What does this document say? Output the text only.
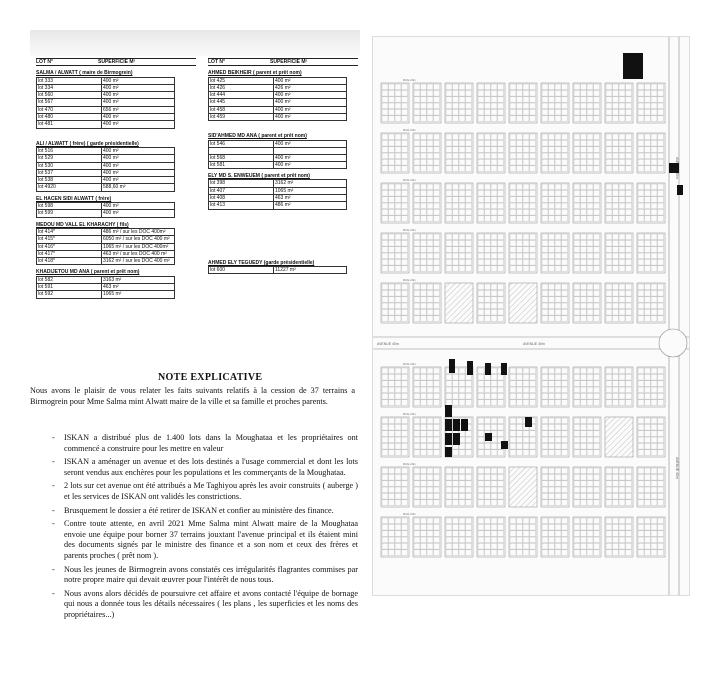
LOT N°	SUPERFICIE M²
SALMA / ALWATT ( maire de Birmogrein)
lot 333	400 m²
lot 334	400 m²
lot 560	400 m²
lot 567	400 m²
lot 470	656 m²
lot 480	400 m²
lot 481	400 m²
ALI / ALWATT ( frère) ( garde présidentielle)
lot 516	400 m²
lot 529	400 m²
lot 530	400 m²
lot 537	400 m²
lot 538	400 m²
lot 4920	588,60 m²
EL HACEN SIDI ALWATT ( frère)
lot 598	400 m²
lot 599	400 m²
MEDOU MD VALL EL KHARACHY ( fils)
lot 414*	486 m² / sur les DOC 400m²
lot 415*	6050 m² / sur les DOC 400 m²
lot 416*	1065 m² / sur les DOC 400m²
lot 417*	463 m² / sur les DOC 400 m²
lot 418*	3162 m² / sur les DOC 400 m²
KHADIJETOU MD ANA ( parent et prêt nom)
lot 582	3163 m²
lot 591	463 m²
lot 592	1065 m²
LOT N°	SUPERFICIE M²
AHMED BEIKHEIR ( parent et prêt nom)
lot 425	400 m²
lot 426	426 m²
lot 444	400 m²
lot 445	400 m²
lot 458	400 m²
lot 459	400 m²
SID'AHMED MD ANA ( parent et prêt nom)
lot 546	400 m²

lot 568	400 m²
lot 581	400 m²
ELY MD S. ENWEUEM ( parent et prêt nom)
lot 398	3162 m²
lot 407	1065 m²
lot 408	463 m²
lot 413	486 m²
AHMED ELY TEGUEDY (garde présidentielle)
lot 600	11227 m²
NOTE EXPLICATIVE
Nous avons le plaisir de vous relater les faits suivants relatifs à la cession de 37 terrains a Birmogrein pour Mme Salma mint Alwatt maire de la ville et sa famille et proches parents.
- ISKAN a distribué plus de 1.400 lots dans la Moughataa et les propriétaires ont commencé a construire pour les mettre en valeur
- ISKAN a aménager un avenue et des lots destinés a l'usage commercial et dont les lots seront vendus aux enchères pour les populations et les commerçants de la Moughataa.
- 2 lots sur cet avenue ont été attribués a Me Taghiyou après les avoir construits ( auberge ) et les services de ISKAN ont validés les constrictions.
- Brusquement le dossier a été retirer de ISKAN et confier au ministère des finance.
- Contre toute attente, en avril 2021 Mme Salma mint Alwatt maire de la Moughataa envoie une équipe pour borner 37 terrains jouxtant l'avenue principal et ils étaient mini des documents signés par le ministre des finance et a son nom et ceux des frères et parents proches ( prêt nom ).
- Nous les jeunes de Birmogrein avons constatés ces irrégularités flagrantes commises par notre propre maire qui devait œuvrer pour l'intérêt de nous tous.
- Nous avons alors décidés de poursuivre cet affaire et avons contacté l'équipe de bornage qui nous a donnée tous les détails nécessaires ( les plans , les superficies et les noms des propriétaires...)
RUE 20m
RUE 20m
RUE 20m
RUE 20m
RUE 20m
RUE 20m
RUE 20m
RUE 20m
RUE 20m
AVENUE 40m	AVENUE 40m
AVENUE 40m
